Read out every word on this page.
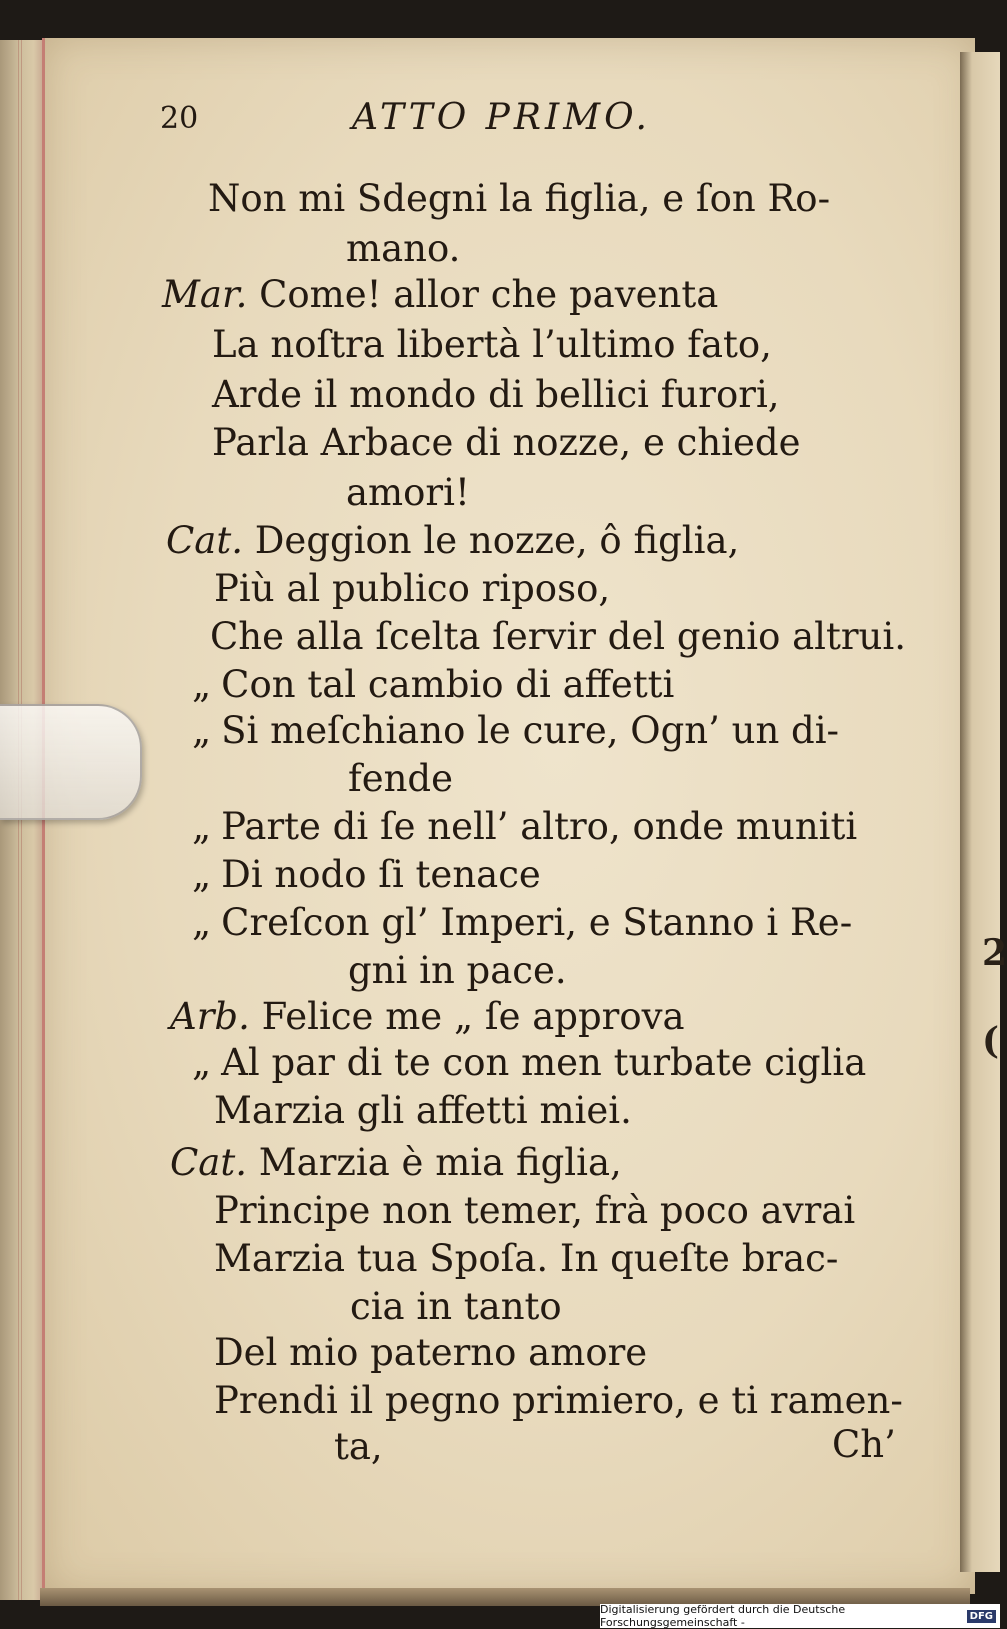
2
(
20	ATTO PRIMO.
Non mi Sdegni la figlia, e ſon Ro-
mano.
Mar. Come! allor che paventa
La noſtra libertà l’ultimo fato,
Arde il mondo di bellici furori,
Parla Arbace di nozze, e chiede
amori!
Cat. Deggion le nozze, ô figlia,
Più al publico riposo,
Che alla ſcelta ſervir del genio altrui.
„ Con tal cambio di affetti
„ Si meſchiano le cure, Ogn’ un di-
fende
„ Parte di ſe nell’ altro, onde muniti
„ Di nodo ſi tenace
„ Creſcon gl’ Imperi, e Stanno i Re-
gni in pace.
Arb. Felice me „ ſe approva
„ Al par di te con men turbate ciglia
Marzia gli affetti miei.
Cat. Marzia è mia figlia,
Principe non temer, frà poco avrai
Marzia tua Spoſa. In queſte brac-
cia in tanto
Del mio paterno amore
Prendi il pegno primiero, e ti ramen-
ta,	Ch’
Digitalisierung gefördert durch die Deutsche Forschungsgemeinschaft -	DFG
